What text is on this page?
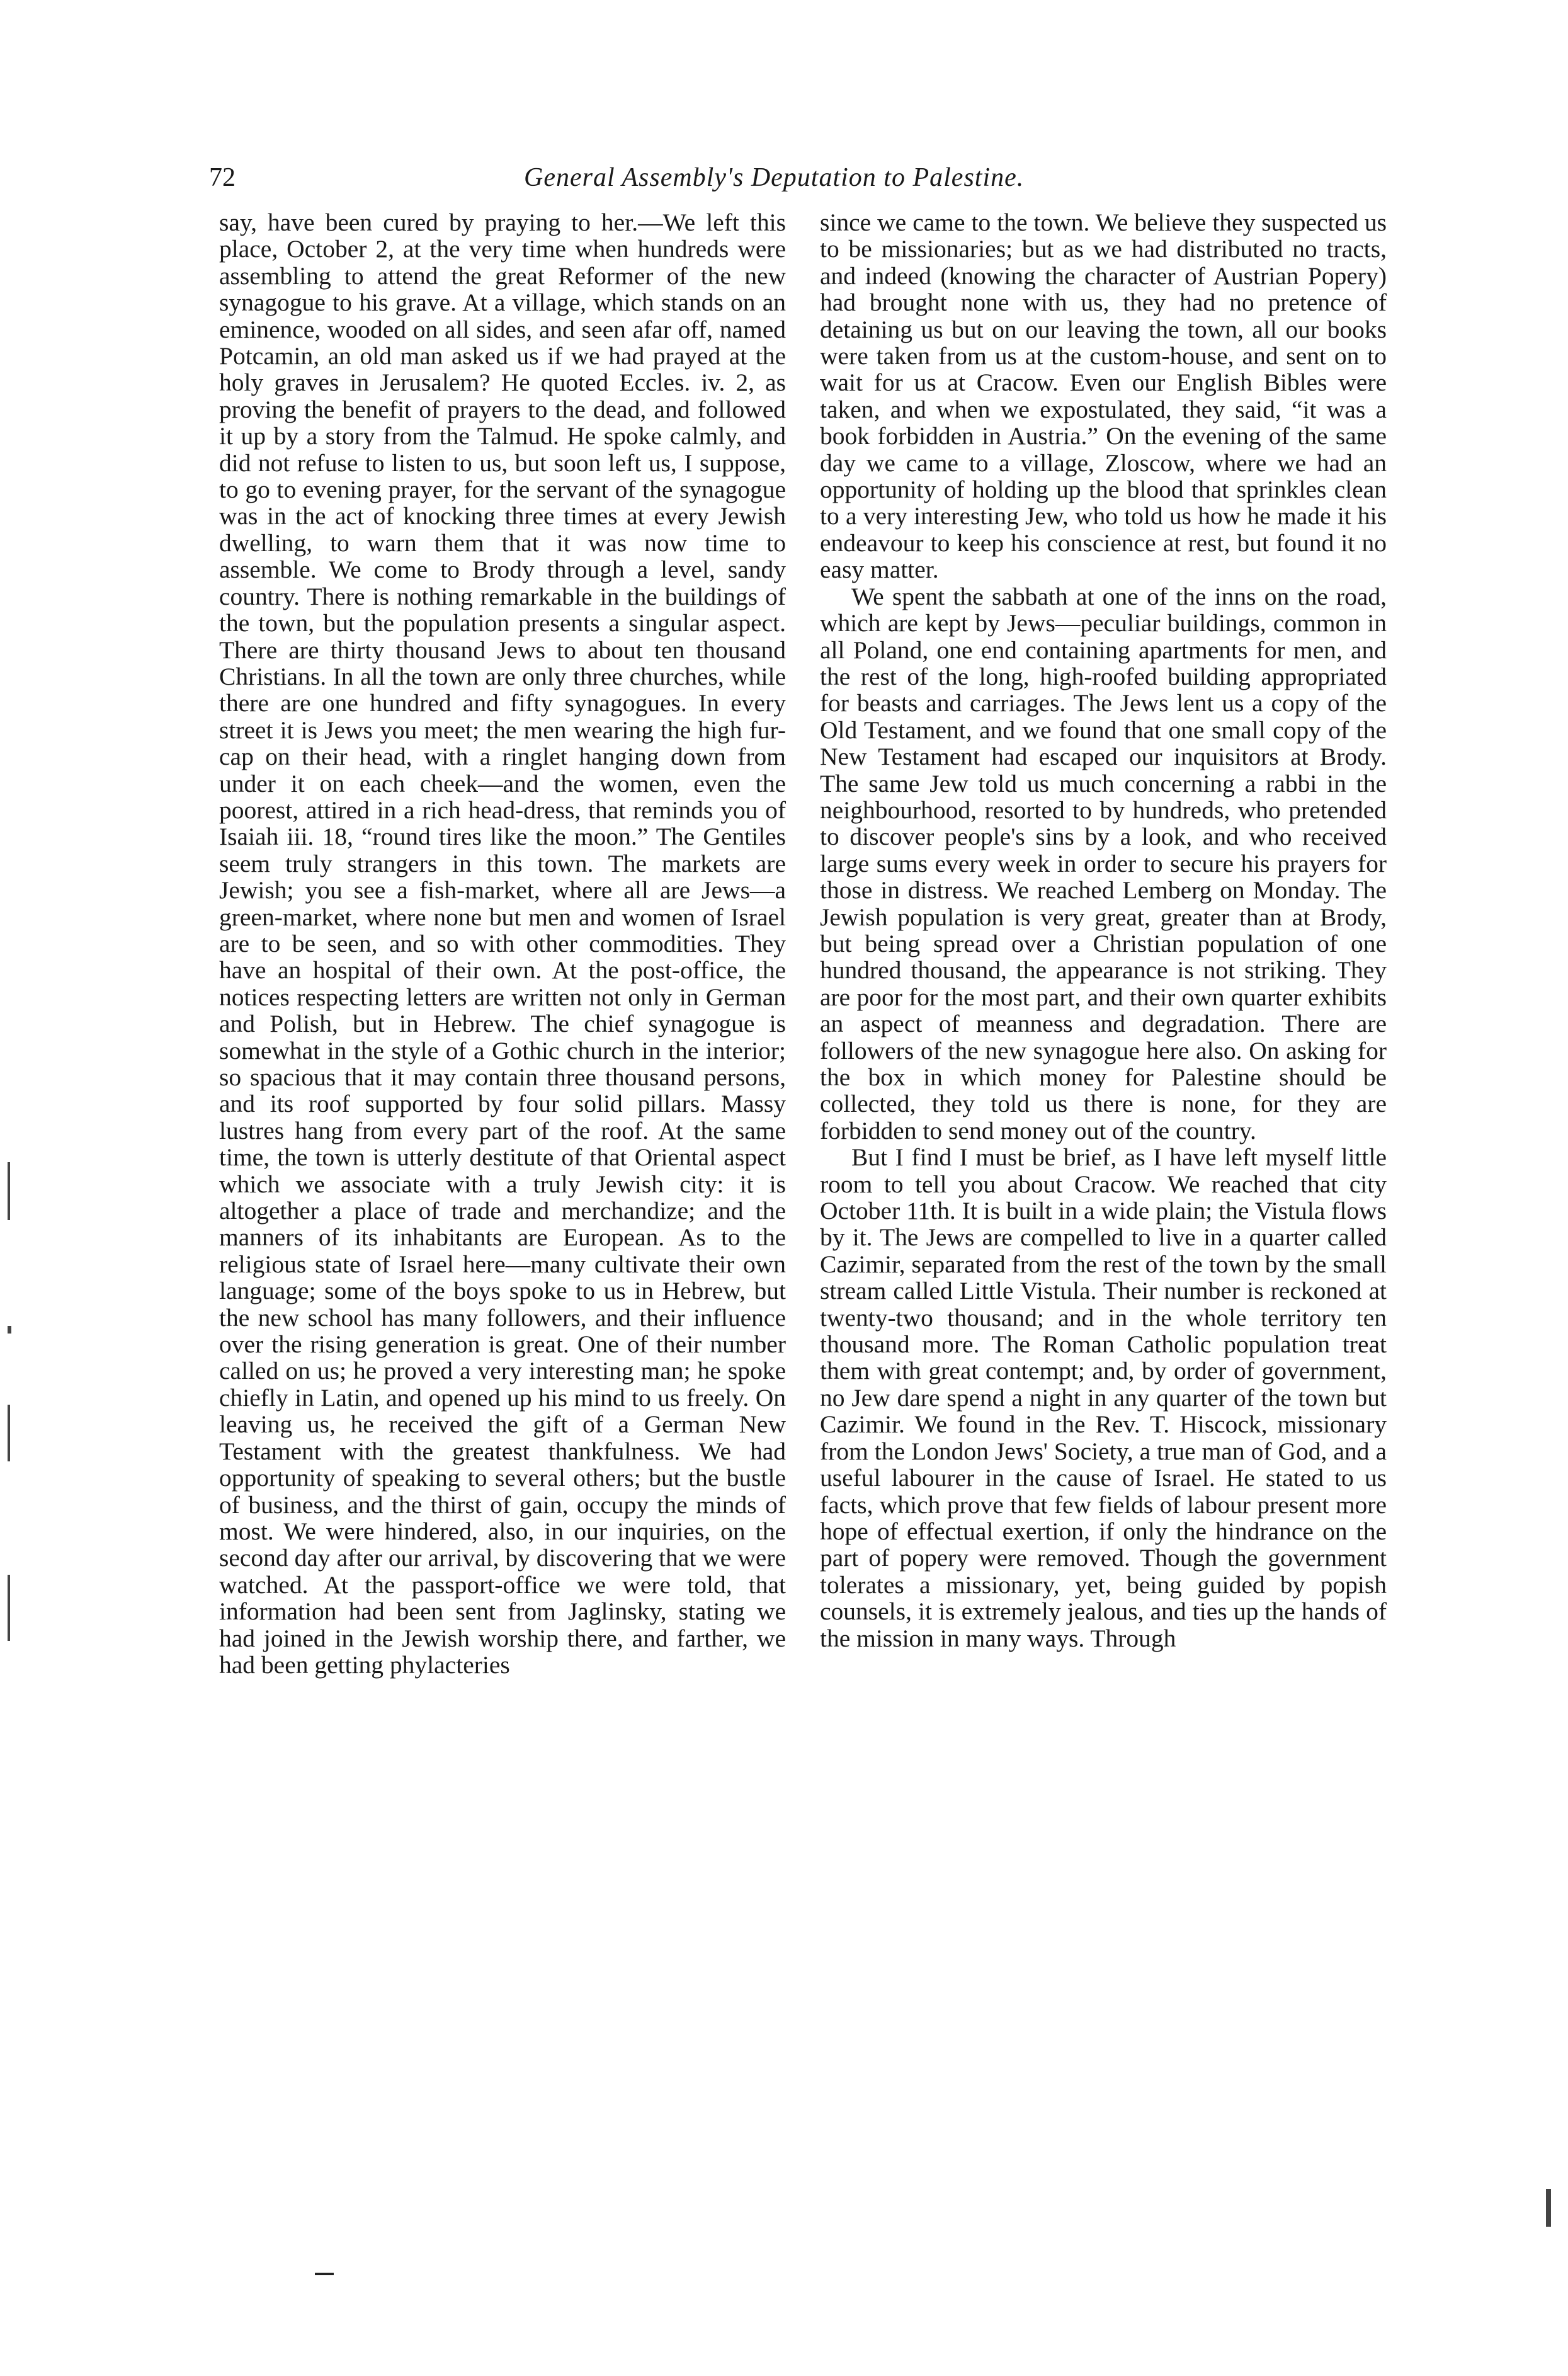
72	General Assembly's Deputation to Palestine.

say, have been cured by praying to her.—We left this place, October 2, at the very time when hundreds were assembling to attend the great Reformer of the new synagogue to his grave. At a village, which stands on an eminence, wooded on all sides, and seen afar off, named Potcamin, an old man asked us if we had prayed at the holy graves in Jerusalem? He quoted Eccles. iv. 2, as proving the benefit of prayers to the dead, and followed it up by a story from the Talmud. He spoke calmly, and did not refuse to listen to us, but soon left us, I suppose, to go to evening prayer, for the servant of the synagogue was in the act of knocking three times at every Jewish dwelling, to warn them that it was now time to assemble. We come to Brody through a level, sandy country. There is nothing remarkable in the buildings of the town, but the population presents a singular aspect. There are thirty thousand Jews to about ten thousand Christians. In all the town are only three churches, while there are one hundred and fifty synagogues. In every street it is Jews you meet; the men wearing the high fur-cap on their head, with a ringlet hanging down from under it on each cheek—and the women, even the poorest, attired in a rich head-dress, that reminds you of Isaiah iii. 18, “round tires like the moon.” The Gentiles seem truly strangers in this town. The markets are Jewish; you see a fish-market, where all are Jews—a green-market, where none but men and women of Israel are to be seen, and so with other commodities. They have an hospital of their own. At the post-office, the notices respecting letters are written not only in German and Polish, but in Hebrew. The chief synagogue is somewhat in the style of a Gothic church in the interior; so spacious that it may contain three thousand persons, and its roof supported by four solid pillars. Massy lustres hang from every part of the roof. At the same time, the town is utterly destitute of that Oriental aspect which we associate with a truly Jewish city: it is altogether a place of trade and merchandize; and the manners of its inhabitants are European. As to the religious state of Israel here—many cultivate their own language; some of the boys spoke to us in Hebrew, but the new school has many followers, and their influence over the rising generation is great. One of their number called on us; he proved a very interesting man; he spoke chiefly in Latin, and opened up his mind to us freely. On leaving us, he received the gift of a German New Testament with the greatest thankfulness. We had opportunity of speaking to several others; but the bustle of business, and the thirst of gain, occupy the minds of most. We were hindered, also, in our inquiries, on the second day after our arrival, by discovering that we were watched. At the passport-office we were told, that information had been sent from Jaglinsky, stating we had joined in the Jewish worship there, and farther, we had been getting phylacteries

since we came to the town. We believe they suspected us to be missionaries; but as we had distributed no tracts, and indeed (knowing the character of Austrian Popery) had brought none with us, they had no pretence of detaining us but on our leaving the town, all our books were taken from us at the custom-house, and sent on to wait for us at Cracow. Even our English Bibles were taken, and when we expostulated, they said, “it was a book forbidden in Austria.” On the evening of the same day we came to a village, Zloscow, where we had an opportunity of holding up the blood that sprinkles clean to a very interesting Jew, who told us how he made it his endeavour to keep his conscience at rest, but found it no easy matter.

We spent the sabbath at one of the inns on the road, which are kept by Jews—peculiar buildings, common in all Poland, one end containing apartments for men, and the rest of the long, high-roofed building appropriated for beasts and carriages. The Jews lent us a copy of the Old Testament, and we found that one small copy of the New Testament had escaped our inquisitors at Brody. The same Jew told us much concerning a rabbi in the neighbourhood, resorted to by hundreds, who pretended to discover people's sins by a look, and who received large sums every week in order to secure his prayers for those in distress. We reached Lemberg on Monday. The Jewish population is very great, greater than at Brody, but being spread over a Christian population of one hundred thousand, the appearance is not striking. They are poor for the most part, and their own quarter exhibits an aspect of meanness and degradation. There are followers of the new synagogue here also. On asking for the box in which money for Palestine should be collected, they told us there is none, for they are forbidden to send money out of the country.

But I find I must be brief, as I have left myself little room to tell you about Cracow. We reached that city October 11th. It is built in a wide plain; the Vistula flows by it. The Jews are compelled to live in a quarter called Cazimir, separated from the rest of the town by the small stream called Little Vistula. Their number is reckoned at twenty-two thousand; and in the whole territory ten thousand more. The Roman Catholic population treat them with great contempt; and, by order of government, no Jew dare spend a night in any quarter of the town but Cazimir. We found in the Rev. T. Hiscock, missionary from the London Jews' Society, a true man of God, and a useful labourer in the cause of Israel. He stated to us facts, which prove that few fields of labour present more hope of effectual exertion, if only the hindrance on the part of popery were removed. Though the government tolerates a missionary, yet, being guided by popish counsels, it is extremely jealous, and ties up the hands of the mission in many ways. Through
